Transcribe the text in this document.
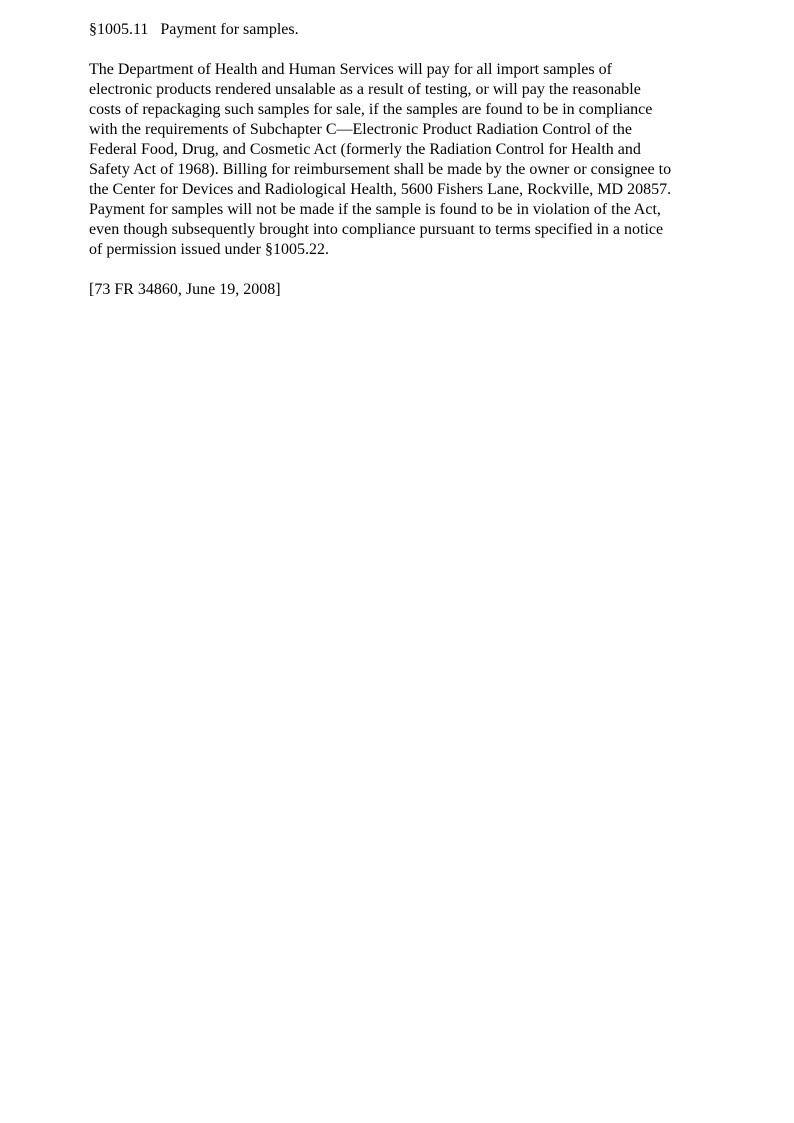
§1005.11 Payment for samples.
The Department of Health and Human Services will pay for all import samples of
electronic products rendered unsalable as a result of testing, or will pay the reasonable
costs of repackaging such samples for sale, if the samples are found to be in compliance
with the requirements of Subchapter C—Electronic Product Radiation Control of the
Federal Food, Drug, and Cosmetic Act (formerly the Radiation Control for Health and
Safety Act of 1968). Billing for reimbursement shall be made by the owner or consignee to
the Center for Devices and Radiological Health, 5600 Fishers Lane, Rockville, MD 20857.
Payment for samples will not be made if the sample is found to be in violation of the Act,
even though subsequently brought into compliance pursuant to terms specified in a notice
of permission issued under §1005.22.
[73 FR 34860, June 19, 2008]
